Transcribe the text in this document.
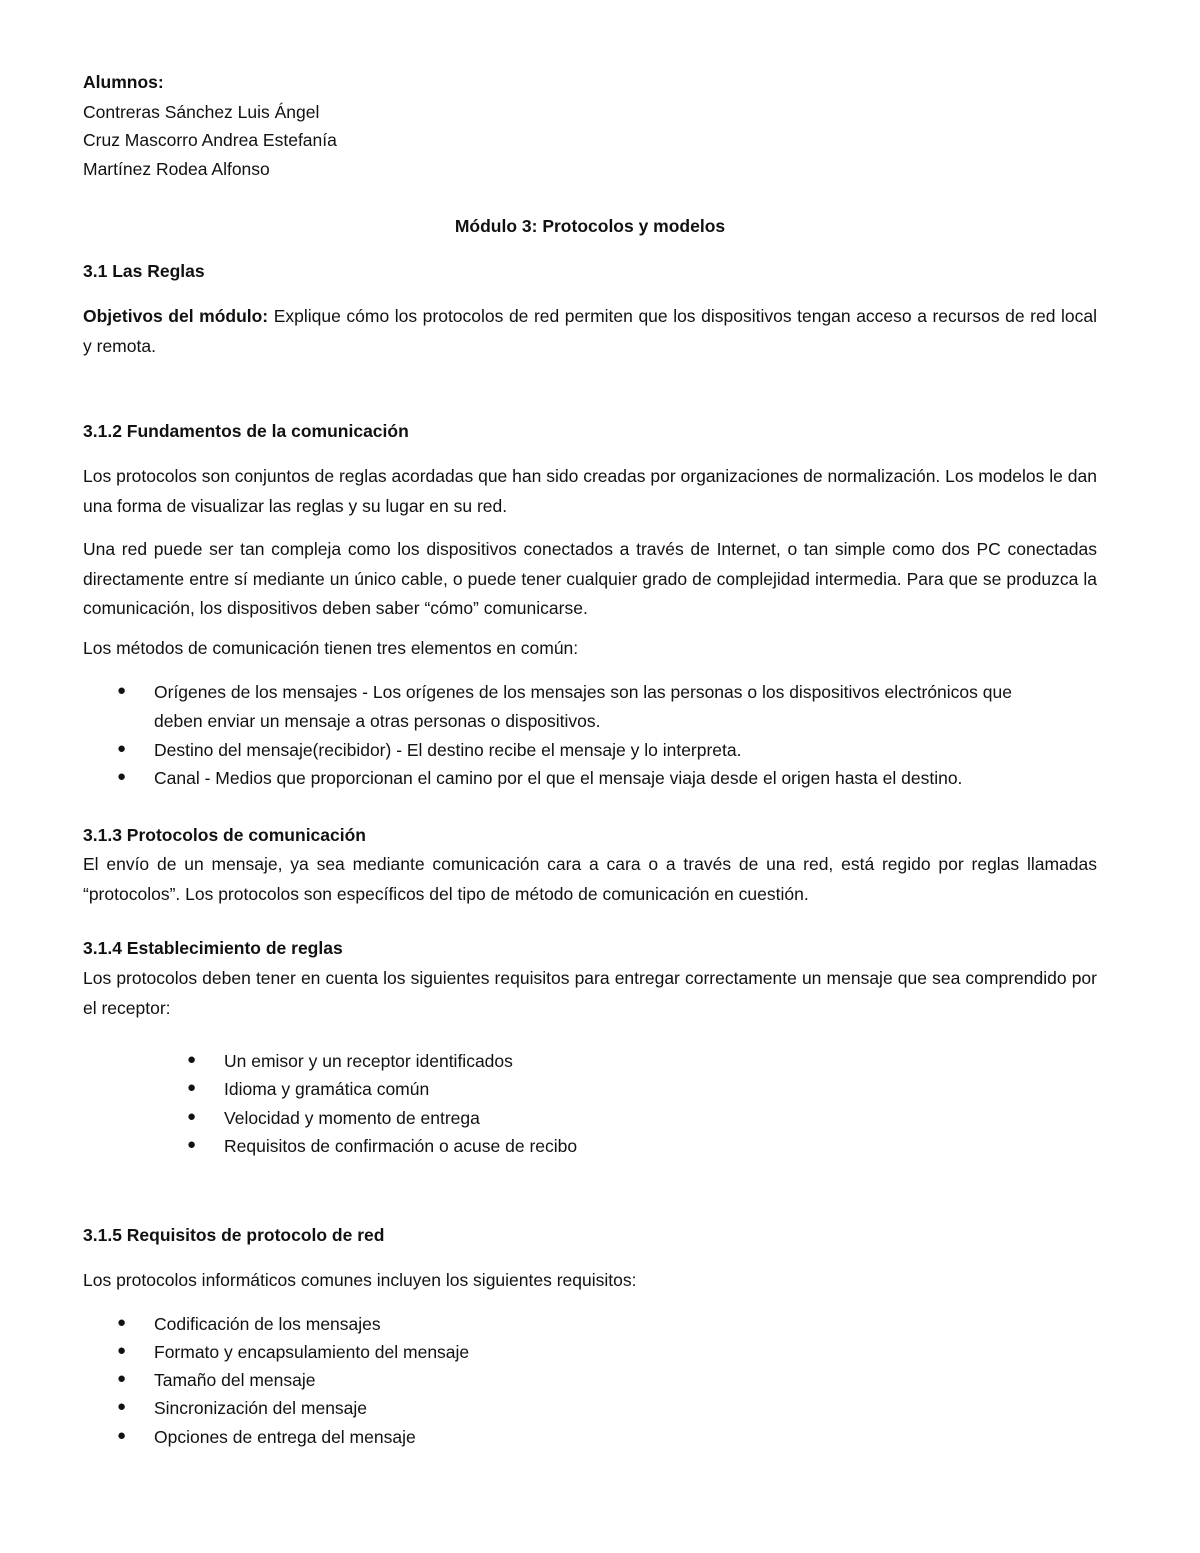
Alumnos:
Contreras Sánchez Luis Ángel
Cruz Mascorro Andrea Estefanía
Martínez Rodea Alfonso
Módulo 3: Protocolos y modelos
3.1 Las Reglas
Objetivos del módulo: Explique cómo los protocolos de red permiten que los dispositivos tengan acceso a recursos de red local y remota.
3.1.2 Fundamentos de la comunicación
Los protocolos son conjuntos de reglas acordadas que han sido creadas por organizaciones de normalización. Los modelos le dan una forma de visualizar las reglas y su lugar en su red.
Una red puede ser tan compleja como los dispositivos conectados a través de Internet, o tan simple como dos PC conectadas directamente entre sí mediante un único cable, o puede tener cualquier grado de complejidad intermedia. Para que se produzca la comunicación, los dispositivos deben saber “cómo” comunicarse.
Los métodos de comunicación tienen tres elementos en común:
● Orígenes de los mensajes - Los orígenes de los mensajes son las personas o los dispositivos electrónicos que
deben enviar un mensaje a otras personas o dispositivos.
● Destino del mensaje(recibidor) - El destino recibe el mensaje y lo interpreta.
● Canal - Medios que proporcionan el camino por el que el mensaje viaja desde el origen hasta el destino.
3.1.3 Protocolos de comunicación
El envío de un mensaje, ya sea mediante comunicación cara a cara o a través de una red, está regido por reglas llamadas “protocolos”. Los protocolos son específicos del tipo de método de comunicación en cuestión.
3.1.4 Establecimiento de reglas
Los protocolos deben tener en cuenta los siguientes requisitos para entregar correctamente un mensaje que sea comprendido por el receptor:
● Un emisor y un receptor identificados
● Idioma y gramática común
● Velocidad y momento de entrega
● Requisitos de confirmación o acuse de recibo
3.1.5 Requisitos de protocolo de red
Los protocolos informáticos comunes incluyen los siguientes requisitos:
● Codificación de los mensajes
● Formato y encapsulamiento del mensaje
● Tamaño del mensaje
● Sincronización del mensaje
● Opciones de entrega del mensaje
